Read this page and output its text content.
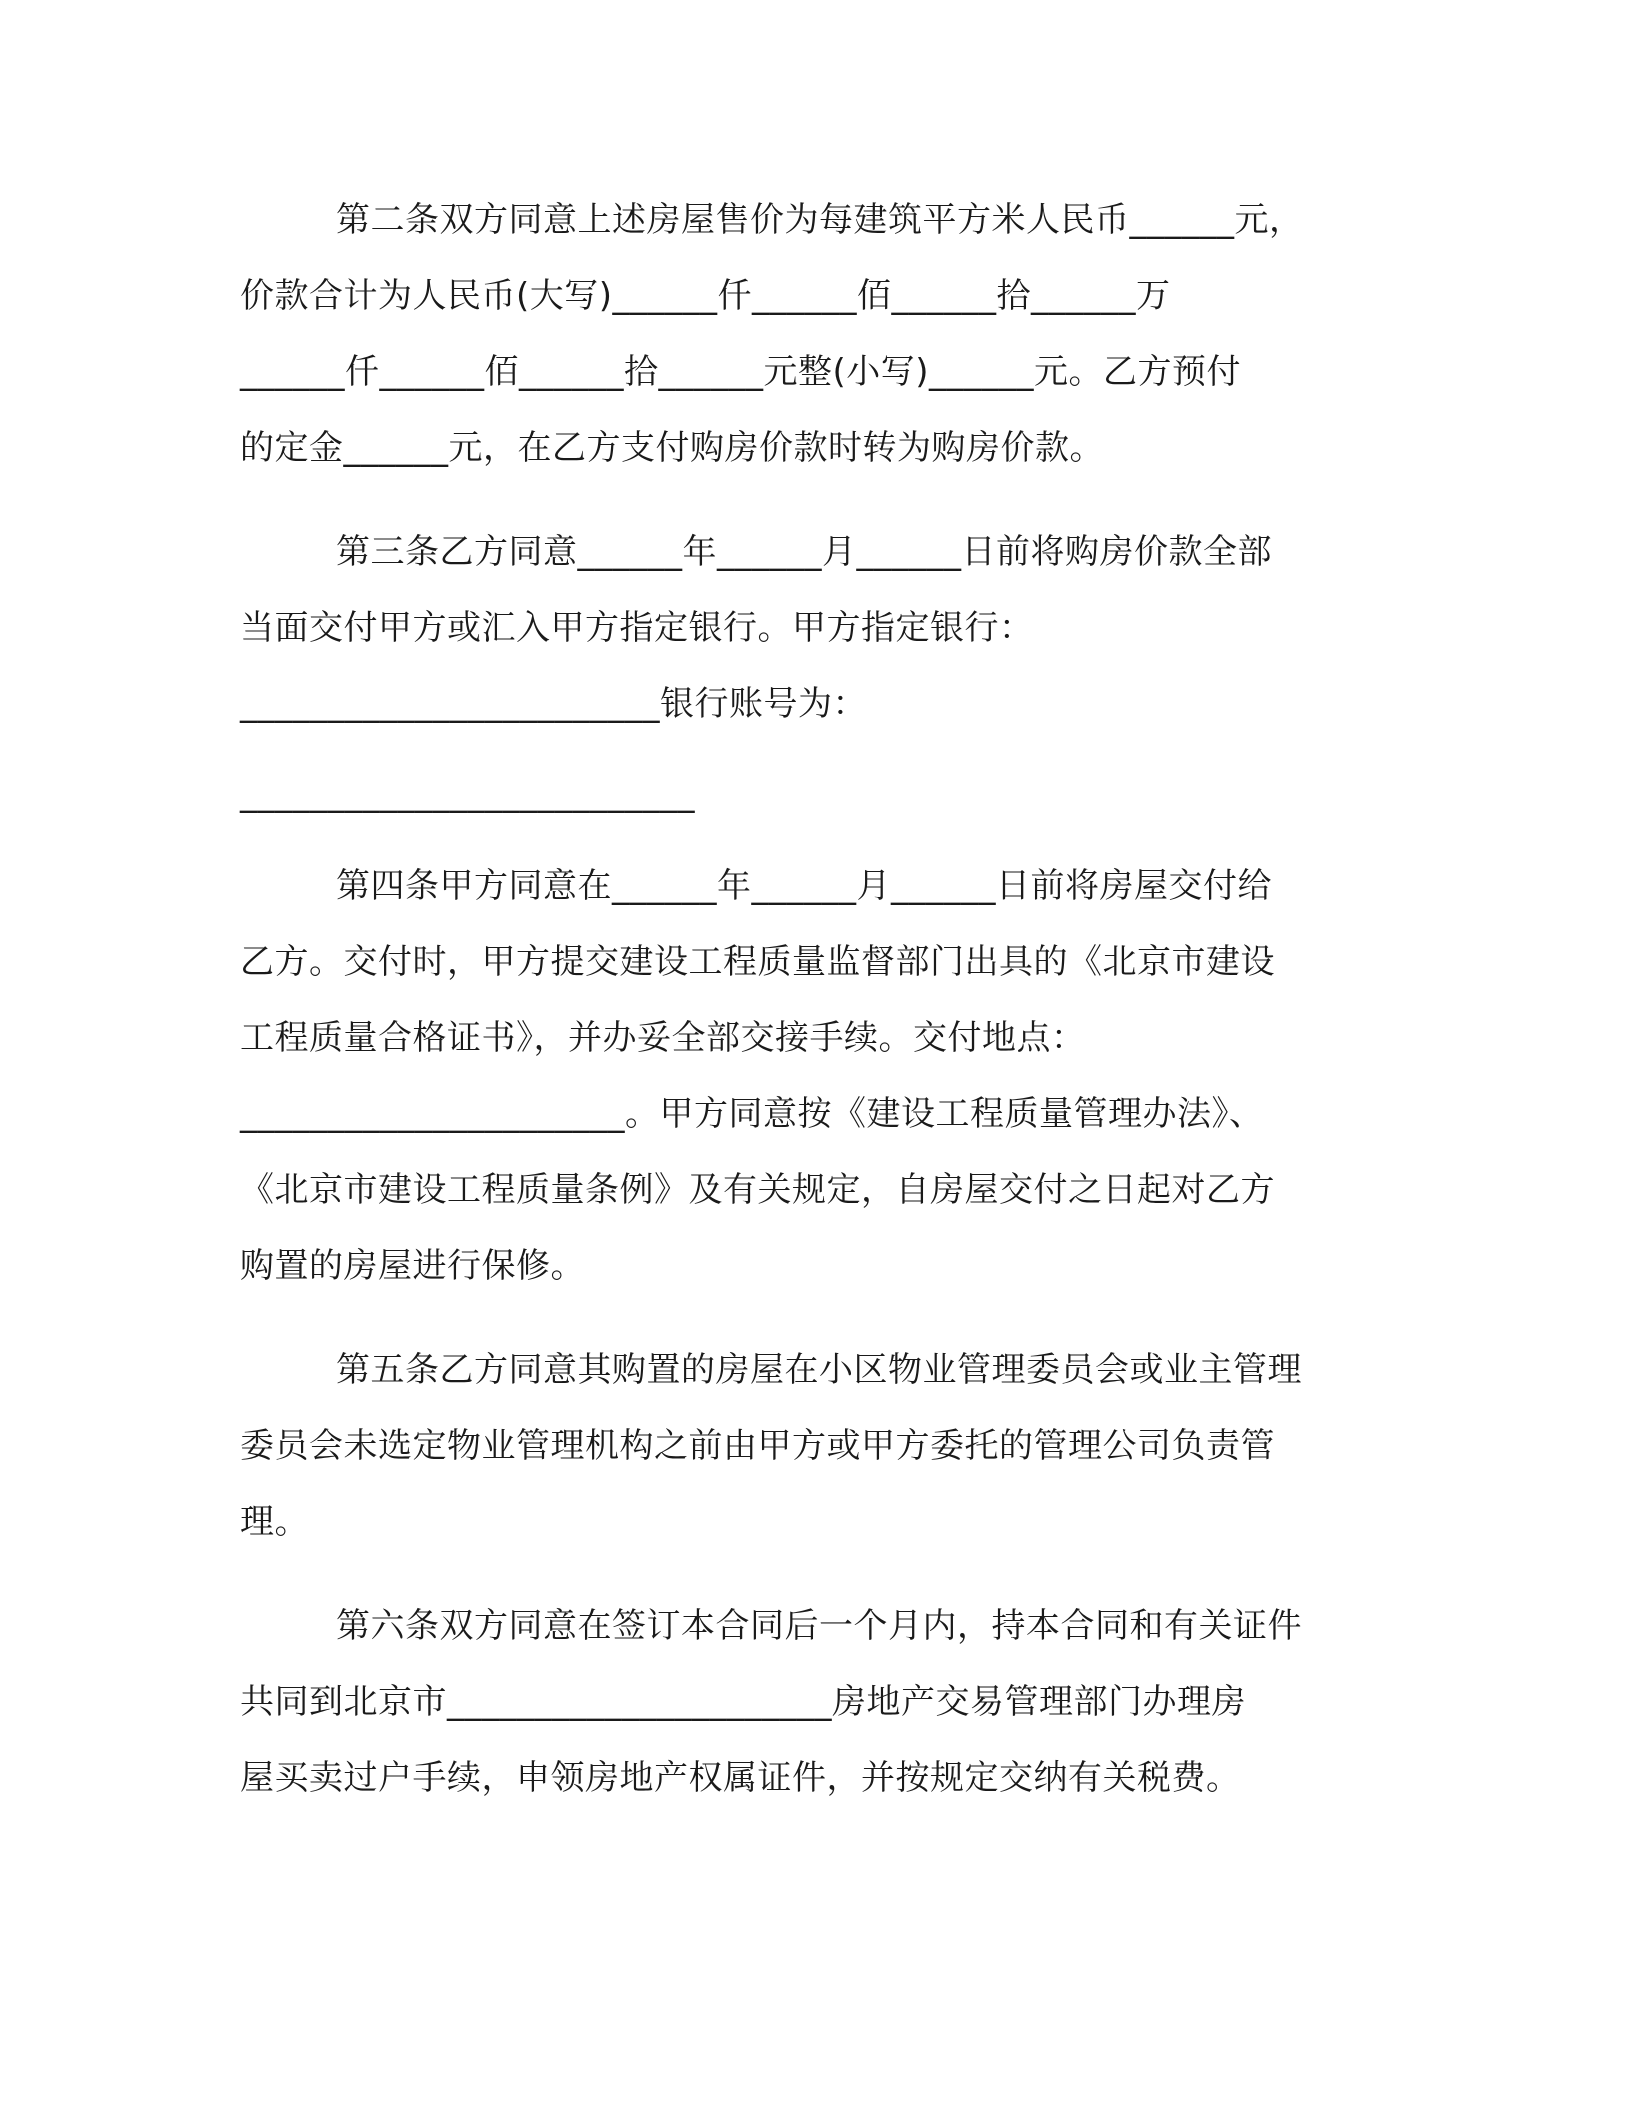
第二条双方同意上述房屋售价为每建筑平方米人民币______元，
价款合计为人民币(大写)______仟______佰______拾______万
______仟______佰______拾______元整(小写)______元。乙方预付
的定金______元，在乙方支付购房价款时转为购房价款。
第三条乙方同意______年______月______日前将购房价款全部
当面交付甲方或汇入甲方指定银行。甲方指定银行：
________________________银行账号为：
__________________________
第四条甲方同意在______年______月______日前将房屋交付给
乙方。交付时，甲方提交建设工程质量监督部门出具的《北京市建设
工程质量合格证书》，并办妥全部交接手续。交付地点：
______________________。甲方同意按《建设工程质量管理办法》、
《北京市建设工程质量条例》及有关规定，自房屋交付之日起对乙方
购置的房屋进行保修。
第五条乙方同意其购置的房屋在小区物业管理委员会或业主管理
委员会未选定物业管理机构之前由甲方或甲方委托的管理公司负责管
理。
第六条双方同意在签订本合同后一个月内，持本合同和有关证件
共同到北京市______________________房地产交易管理部门办理房
屋买卖过户手续，申领房地产权属证件，并按规定交纳有关税费。
